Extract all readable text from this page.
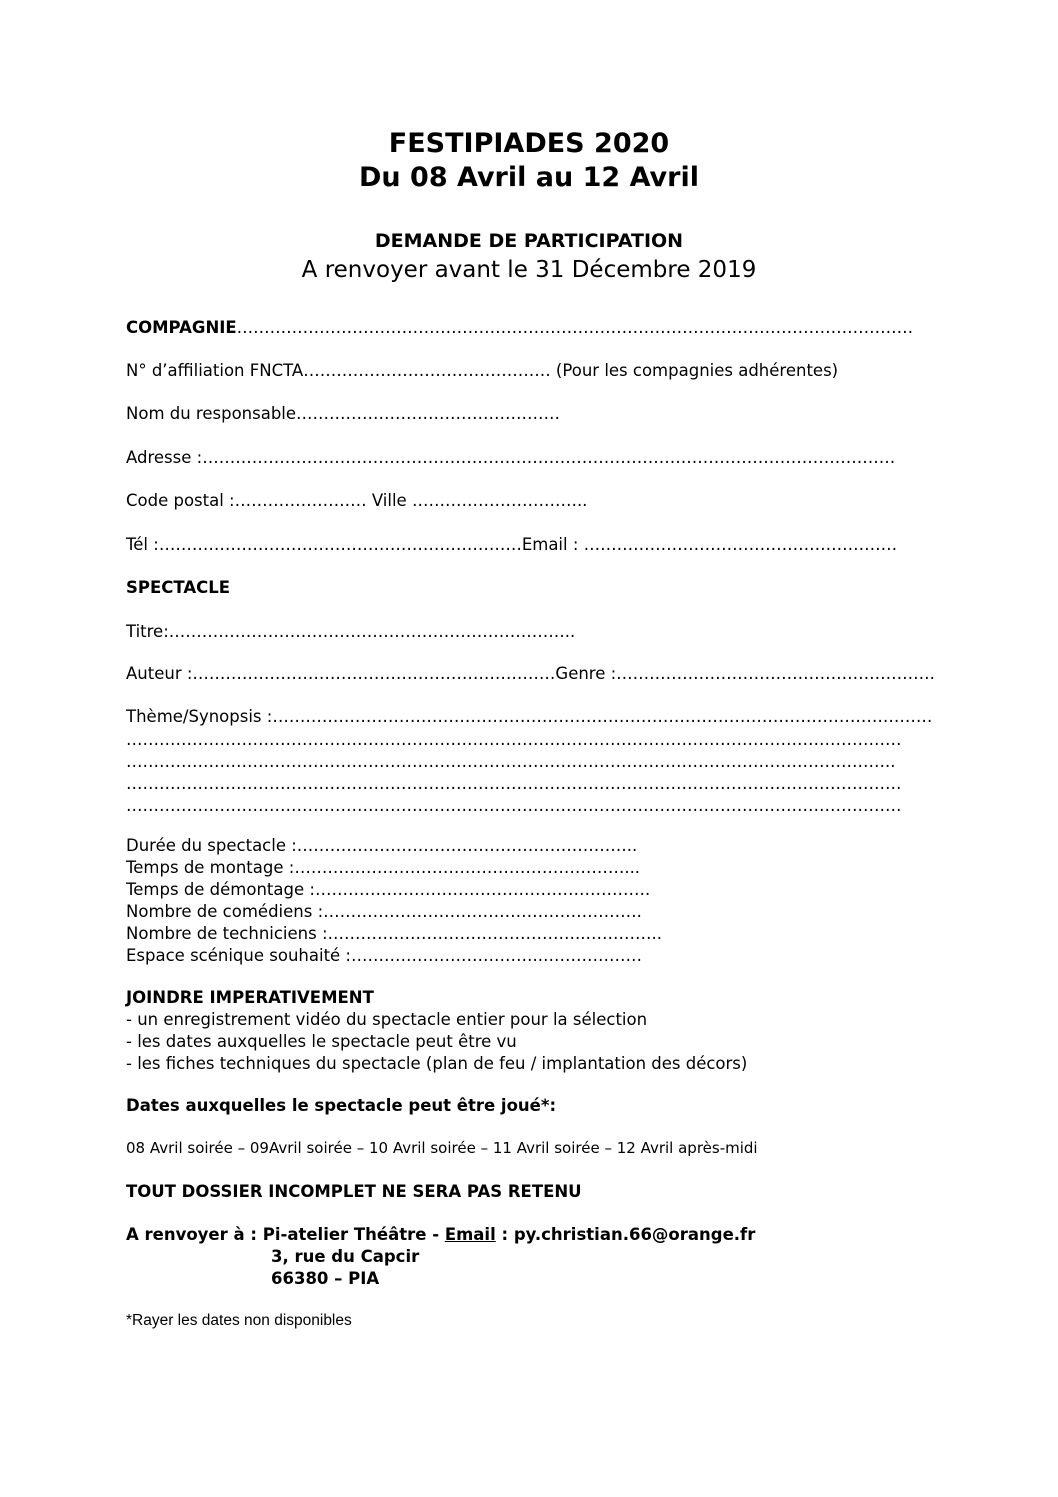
FESTIPIADES 2020
Du 08 Avril au 12 Avril
DEMANDE DE PARTICIPATION
A renvoyer avant le 31 Décembre 2019
COMPAGNIE……………………………………………………………………………………………………………
N° d’affiliation FNCTA……………………………………… (Pour les compagnies adhérentes)
Nom du responsable…………………………………………
Adresse :………………………………………………………………………………………………………………
Code postal :…………………… Ville …………………………..
Tél :…………………………………………………………Email : …………………………………………………
SPECTACLE
Titre:………………………………………………………………..
Auteur :…………………………………………………………Genre :………………………………………………….
Thème/Synopsis :…………………………………………………………………………………………………………
……………………………………………………………………………………………………………………………
…………………………………………………………………………………………………………………………..
……………………………………………………………………………………………………………………………
……………………………………………………………………………………………………………………………
Durée du spectacle :……………………………………………………..
Temps de montage :……………………………………………………...
Temps de démontage :…………………………………………………….
Nombre de comédiens :………………………………………………….
Nombre de techniciens :………………………………………..…………..
Espace scénique souhaité :……………………………..………………
JOINDRE IMPERATIVEMENT
- un enregistrement vidéo du spectacle entier pour la sélection
- les dates auxquelles le spectacle peut être vu
- les fiches techniques du spectacle (plan de feu / implantation des décors)
Dates auxquelles le spectacle peut être joué*:
08 Avril soirée – 09Avril soirée – 10 Avril soirée – 11 Avril soirée – 12 Avril après-midi
TOUT DOSSIER INCOMPLET NE SERA PAS RETENU
A renvoyer à : Pi-atelier Théâtre - Email : py.christian.66@orange.fr
3, rue du Capcir
66380 – PIA
*Rayer les dates non disponibles
